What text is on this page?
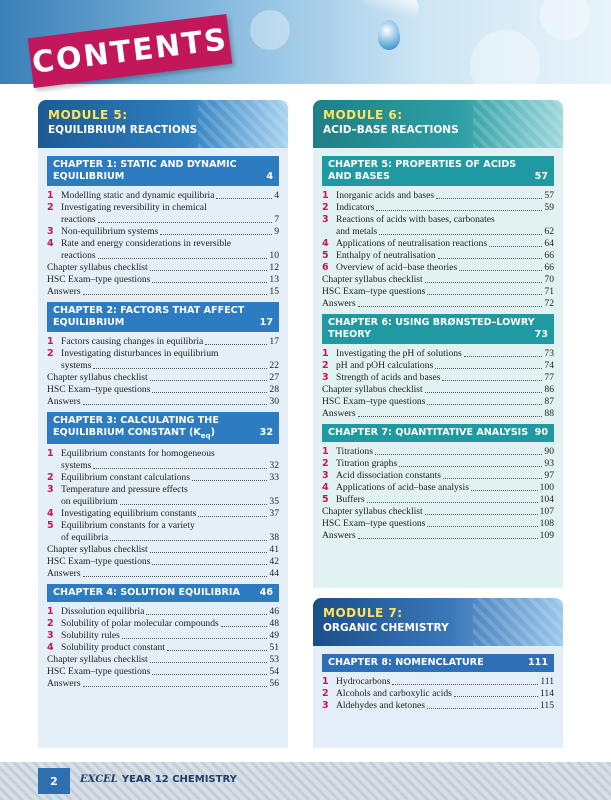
CONTENTS
MODULE 5:
EQUILIBRIUM REACTIONS
CHAPTER 1: STATIC AND DYNAMIC
EQUILIBRIUM	4
1 Modelling static and dynamic equilibria	4
2 Investigating reversibility in chemical
reactions	7
3 Non-equilibrium systems	9
4 Rate and energy considerations in reversible
reactions	10
Chapter syllabus checklist	12
HSC Exam–type questions	13
Answers	15
CHAPTER 2: FACTORS THAT AFFECT
EQUILIBRIUM	17
1 Factors causing changes in equilibria	17
2 Investigating disturbances in equilibrium
systems	22
Chapter syllabus checklist	27
HSC Exam–type questions	28
Answers	30
CHAPTER 3: CALCULATING THE
EQUILIBRIUM CONSTANT $(K_{eq})$	32
1 Equilibrium constants for homogeneous
systems	32
2 Equilibrium constant calculations	33
3 Temperature and pressure effects
on equilibrium	35
4 Investigating equilibrium constants	37
5 Equilibrium constants for a variety
of equilibria	38
Chapter syllabus checklist	41
HSC Exam–type questions	42
Answers	44
CHAPTER 4: SOLUTION EQUILIBRIA 46
1 Dissolution equilibria	46
2 Solubility of polar molecular compounds	48
3 Solubility rules	49
4 Solubility product constant	51
Chapter syllabus checklist	53
HSC Exam–type questions	54
Answers	56
MODULE 6:
ACID–BASE REACTIONS
CHAPTER 5: PROPERTIES OF ACIDS
AND BASES	57
1 Inorganic acids and bases	57
2 Indicators	59
3 Reactions of acids with bases, carbonates
and metals	62
4 Applications of neutralisation reactions	64
5 Enthalpy of neutralisation	66
6 Overview of acid–base theories	66
Chapter syllabus checklist	70
HSC Exam–type questions	71
Answers	72
CHAPTER 6: USING BRØNSTED–LOWRY
THEORY	73
1 Investigating the pH of solutions	73
2 pH and pOH calculations	74
3 Strength of acids and bases	77
Chapter syllabus checklist	86
HSC Exam–type questions	87
Answers	88
CHAPTER 7: QUANTITATIVE ANALYSIS 90
1 Titrations	90
2 Titration graphs	93
3 Acid dissociation constants	97
4 Applications of acid–base analysis	100
5 Buffers	104
Chapter syllabus checklist	107
HSC Exam–type questions	108
Answers	109
MODULE 7:
ORGANIC CHEMISTRY
CHAPTER 8: NOMENCLATURE	111
1 Hydrocarbons	111
2 Alcohols and carboxylic acids	114
3 Aldehydes and ketones	115
2	EXCEL YEAR 12 CHEMISTRY
